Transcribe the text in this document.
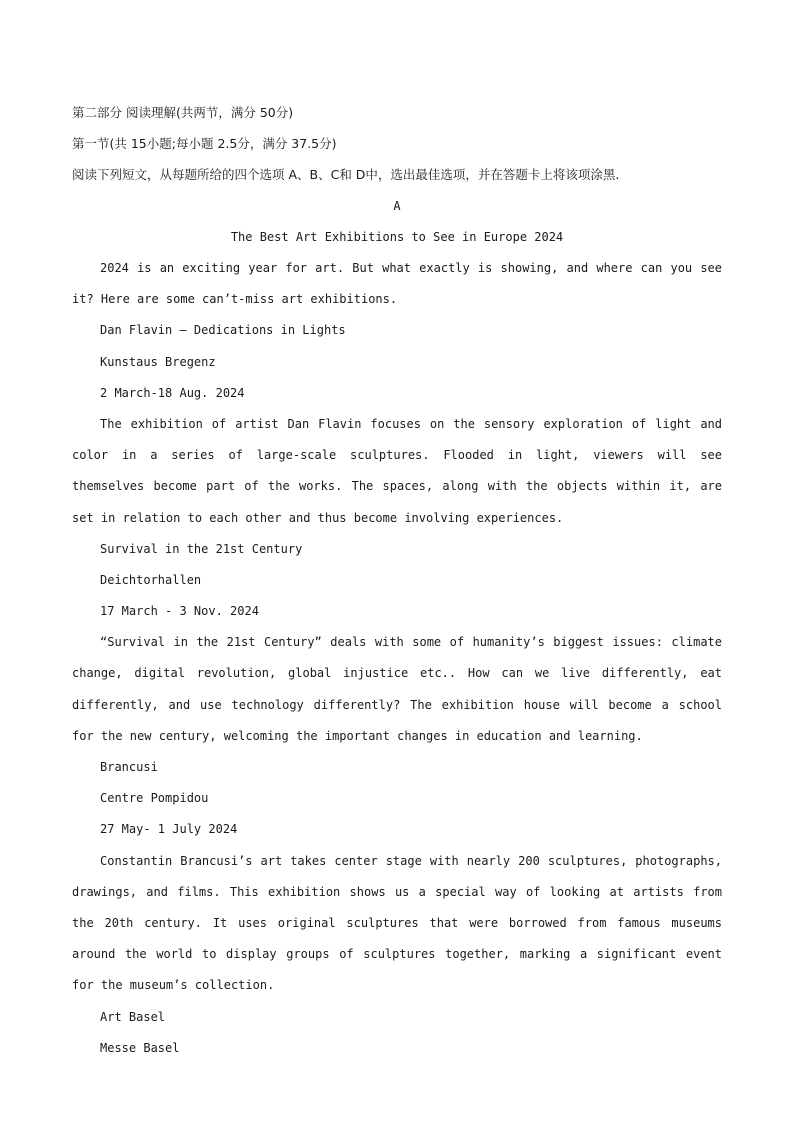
第二部分 阅读理解(共两节，满分 50分)
第一节(共 15小题;每小题 2.5分，满分 37.5分)
阅读下列短文，从每题所给的四个选项 A、B、C和 D中，选出最佳选项，并在答题卡上将该项涂黑.
A
The Best Art Exhibitions to See in Europe 2024
2024 is an exciting year for art. But what exactly is showing, and where can you see it? Here are some can’t-miss art exhibitions.
Dan Flavin — Dedications in Lights
Kunstaus Bregenz
2 March-18 Aug. 2024
The exhibition of artist Dan Flavin focuses on the sensory exploration of light and color in a series of large-scale sculptures. Flooded in light, viewers will see themselves become part of the works. The spaces, along with the objects within it, are set in relation to each other and thus become involving experiences.
Survival in the 21st Century
Deichtorhallen
17 March - 3 Nov. 2024
“Survival in the 21st Century” deals with some of humanity’s biggest issues: climate change, digital revolution, global injustice etc.. How can we live differently, eat differently, and use technology differently? The exhibition house will become a school for the new century, welcoming the important changes in education and learning.
Brancusi
Centre Pompidou
27 May- 1 July 2024
Constantin Brancusi’s art takes center stage with nearly 200 sculptures, photographs, drawings, and films. This exhibition shows us a special way of looking at artists from the 20th century. It uses original sculptures that were borrowed from famous museums around the world to display groups of sculptures together, marking a significant event for the museum’s collection.
Art Basel
Messe Basel
